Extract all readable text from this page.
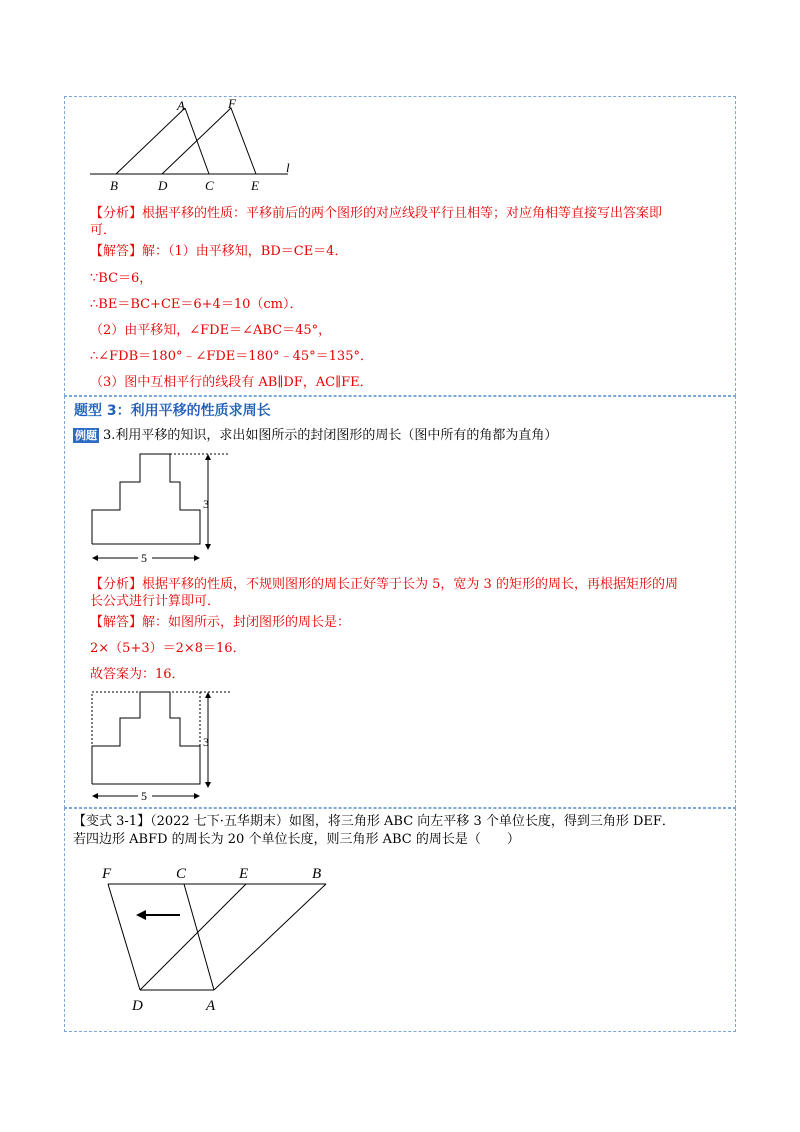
A	F
B	D	C	E
l
【分析】根据平移的性质：平移前后的两个图形的对应线段平行且相等；对应角相等直接写出答案即
可．
【解答】解：（1）由平移知，BD＝CE＝4．
∵BC＝6，
∴BE＝BC+CE＝6+4＝10（cm）．
（2）由平移知，∠FDE＝∠ABC＝45°，
∴∠FDB＝180°﹣∠FDE＝180°﹣45°＝135°．
（3）图中互相平行的线段有 AB∥DF，AC∥FE．
题型 3：利用平移的性质求周长
例题 3.利用平移的知识，求出如图所示的封闭图形的周长（图中所有的角都为直角）
3
5
【分析】根据平移的性质，不规则图形的周长正好等于长为 5，宽为 3 的矩形的周长，再根据矩形的周
长公式进行计算即可．
【解答】解：如图所示，封闭图形的周长是：
2×（5+3）＝2×8＝16．
故答案为：16．
3
5
【变式 3-1】（2022 七下·五华期末）如图，将三角形 ABC 向左平移 3 个单位长度，得到三角形 DEF．
若四边形 ABFD 的周长为 20 个单位长度，则三角形 ABC 的周长是（　　）
F	C	E	B
D	A
